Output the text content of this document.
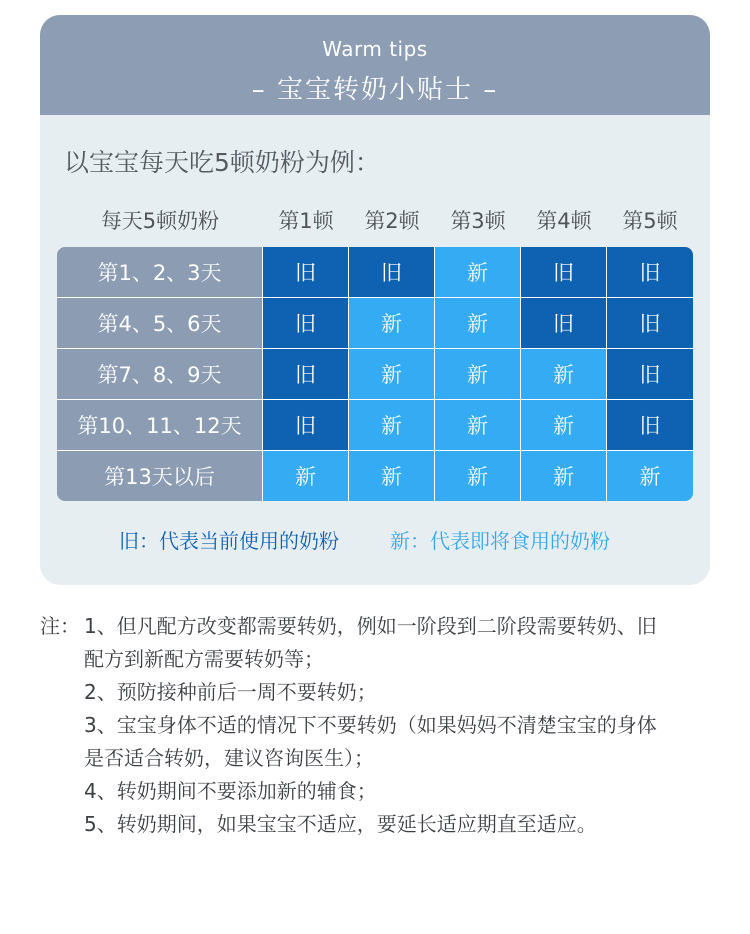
Warm tips
– 宝宝转奶小贴士 –
以宝宝每天吃5顿奶粉为例：
每天5顿奶粉	第1顿	第2顿	第3顿	第4顿	第5顿
第1、2、3天	旧	旧	新	旧	旧
第4、5、6天	旧	新	新	旧	旧
第7、8、9天	旧	新	新	新	旧
第10、11、12天	旧	新	新	新	旧
第13天以后	新	新	新	新	新
旧：代表当前使用的奶粉	新：代表即将食用的奶粉
注： 1、但凡配方改变都需要转奶，例如一阶段到二阶段需要转奶、旧
配方到新配方需要转奶等；
2、预防接种前后一周不要转奶；
3、宝宝身体不适的情况下不要转奶（如果妈妈不清楚宝宝的身体
是否适合转奶，建议咨询医生）；
4、转奶期间不要添加新的辅食；
5、转奶期间，如果宝宝不适应，要延长适应期直至适应。
